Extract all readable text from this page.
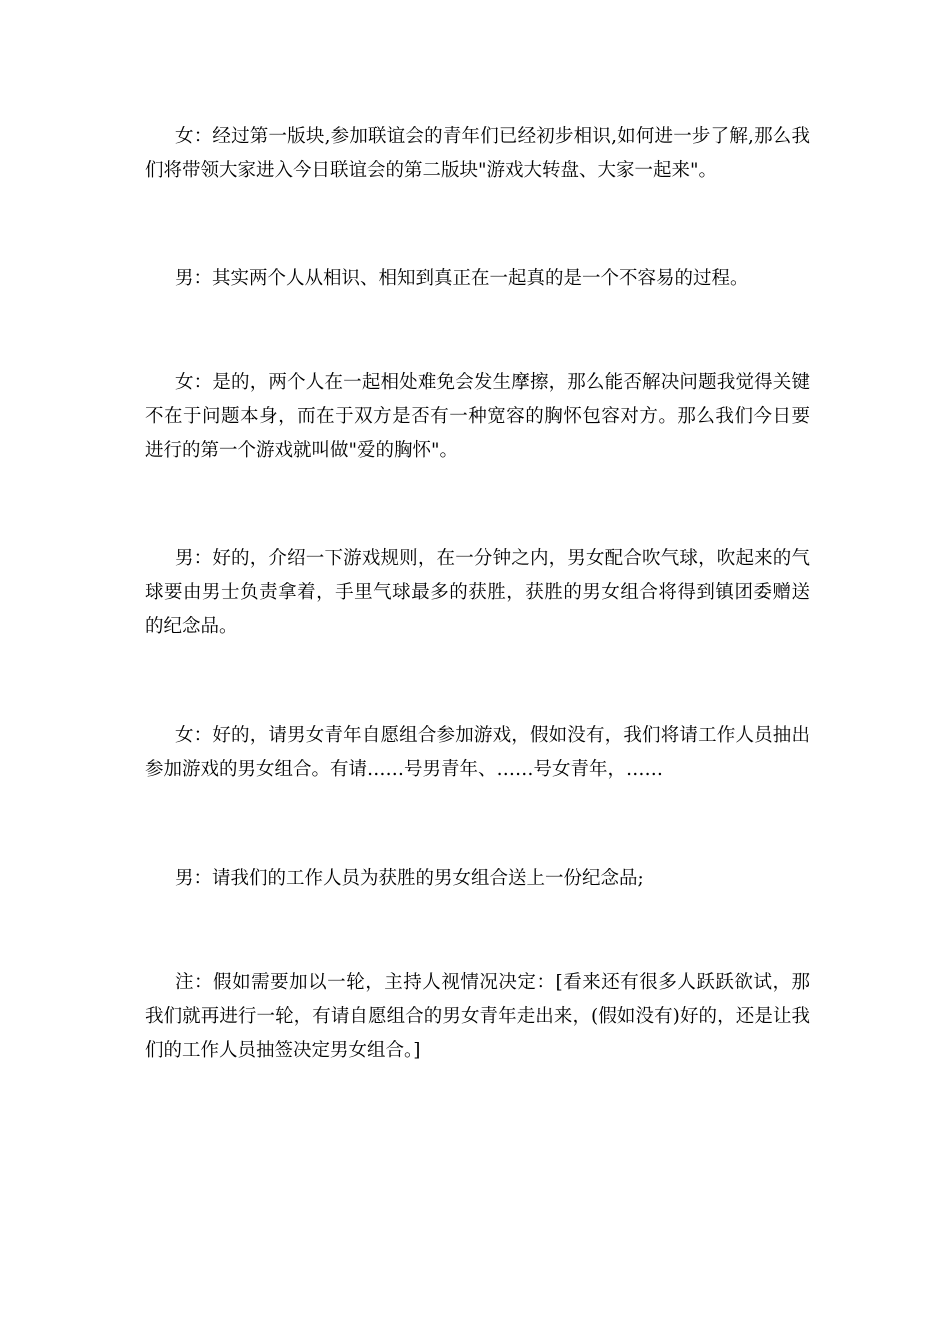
女：经过第一版块,参加联谊会的青年们已经初步相识,如何进一步了解,那么我们将带领大家进入今日联谊会的第二版块"游戏大转盘、大家一起来"。

男：其实两个人从相识、相知到真正在一起真的是一个不容易的过程。

女：是的，两个人在一起相处难免会发生摩擦，那么能否解决问题我觉得关键不在于问题本身，而在于双方是否有一种宽容的胸怀包容对方。那么我们今日要进行的第一个游戏就叫做"爱的胸怀"。

男：好的，介绍一下游戏规则，在一分钟之内，男女配合吹气球，吹起来的气球要由男士负责拿着，手里气球最多的获胜，获胜的男女组合将得到镇团委赠送的纪念品。

女：好的，请男女青年自愿组合参加游戏，假如没有，我们将请工作人员抽出参加游戏的男女组合。有请……号男青年、……号女青年，……

男：请我们的工作人员为获胜的男女组合送上一份纪念品;

注：假如需要加以一轮，主持人视情况决定：[看来还有很多人跃跃欲试，那我们就再进行一轮，有请自愿组合的男女青年走出来，(假如没有)好的，还是让我们的工作人员抽签决定男女组合。]
